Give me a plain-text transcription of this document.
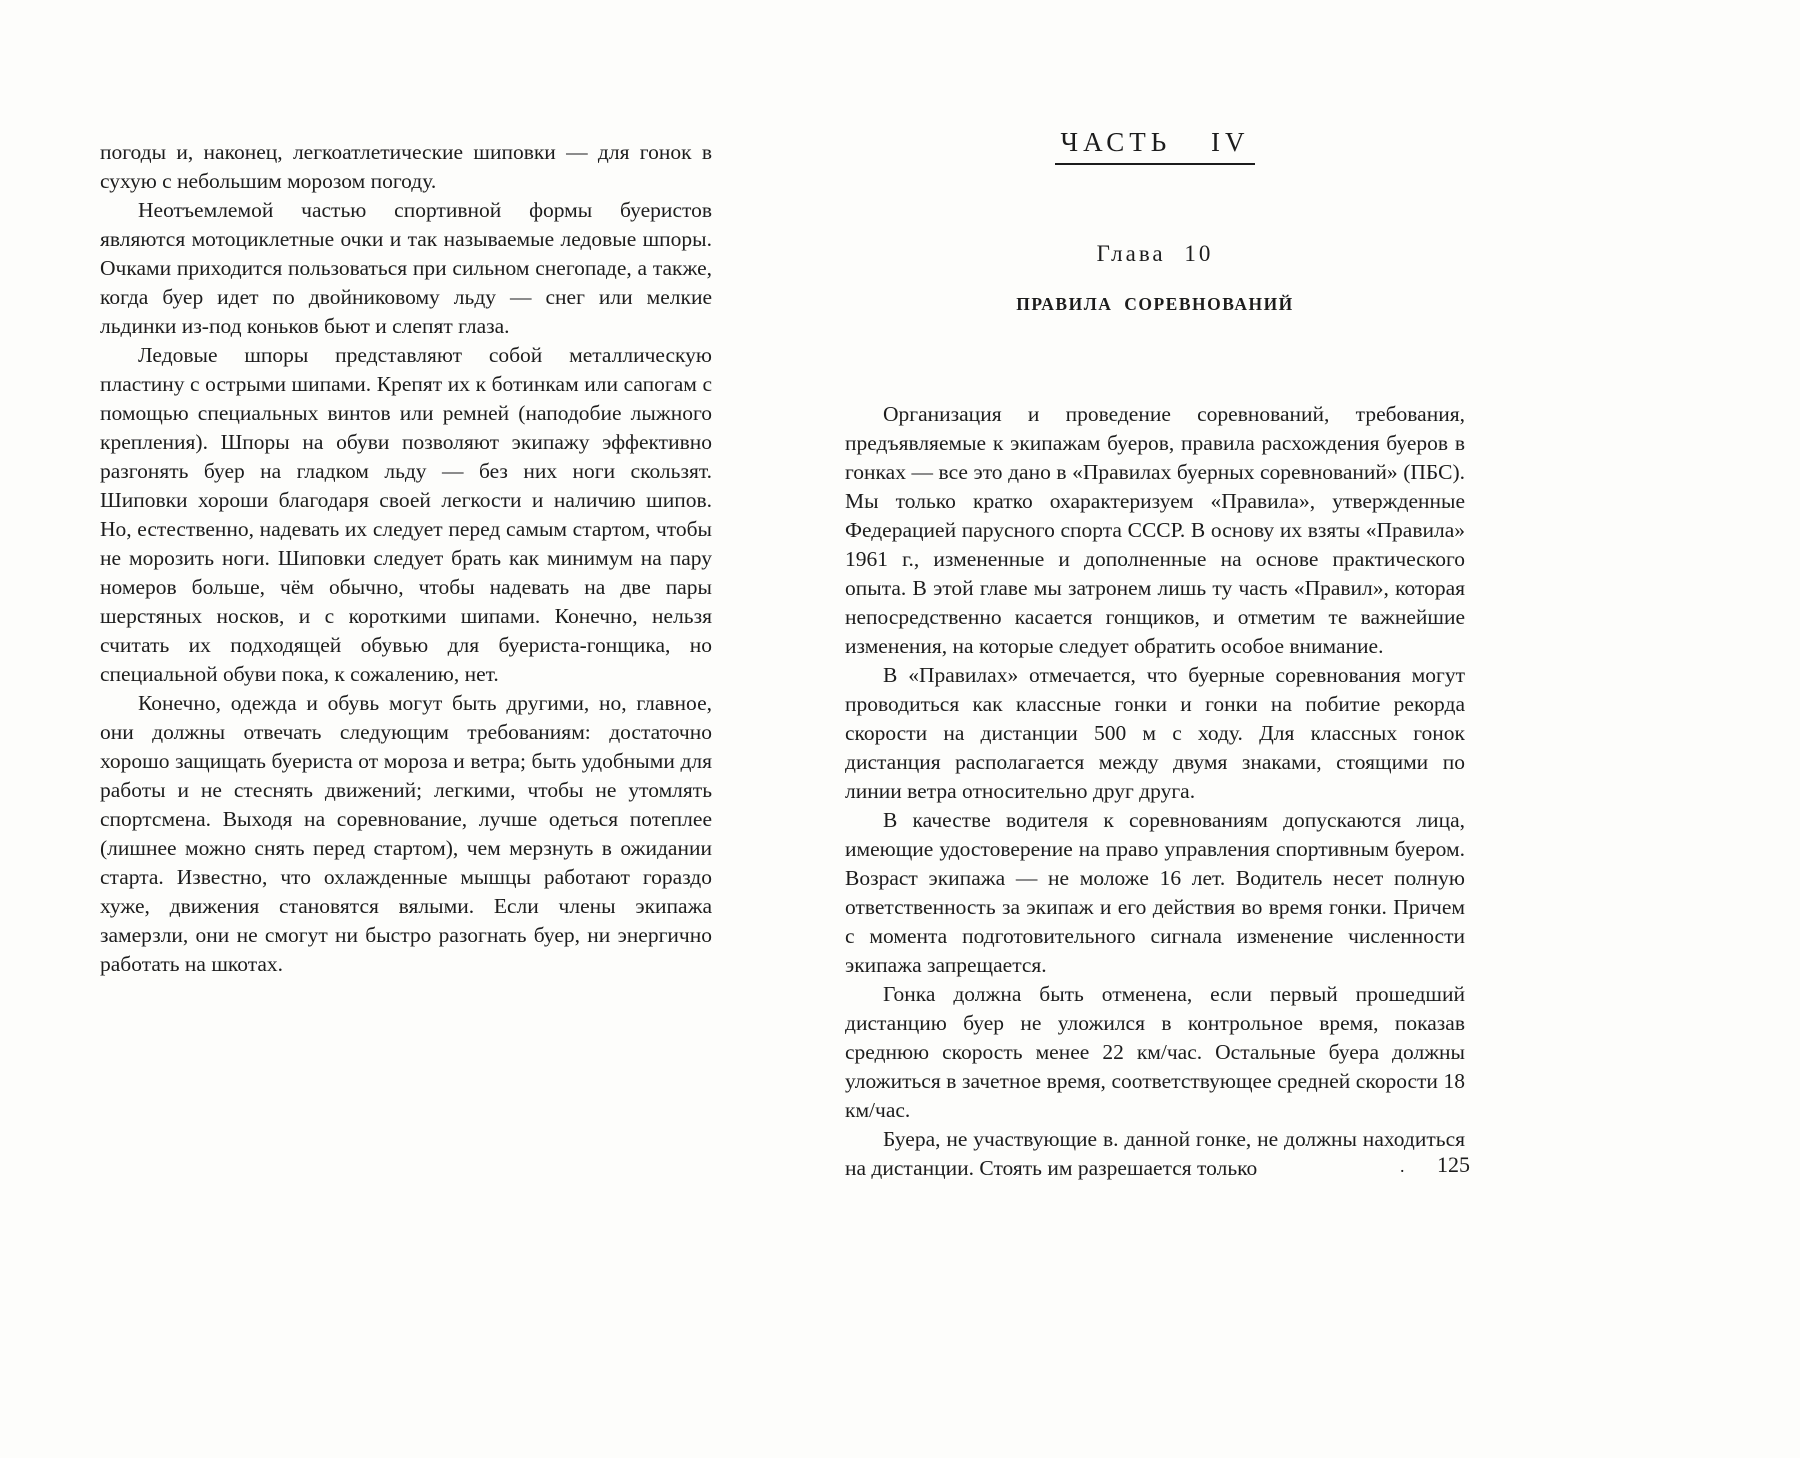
погоды и, наконец, легкоатлетические шиповки — для гонок в сухую с небольшим морозом погоду.

Неотъемлемой частью спортивной формы буеристов являются мотоциклетные очки и так называемые ледовые шпоры. Очками приходится пользоваться при сильном снегопаде, а также, когда буер идет по двойниковому льду — снег или мелкие льдинки из-под коньков бьют и слепят глаза.

Ледовые шпоры представляют собой металлическую пластину с острыми шипами. Крепят их к ботинкам или сапогам с помощью специальных винтов или ремней (наподобие лыжного крепления). Шпоры на обуви позволяют экипажу эффективно разгонять буер на гладком льду — без них ноги скользят. Шиповки хороши благодаря своей легкости и наличию шипов. Но, естественно, надевать их следует перед самым стартом, чтобы не морозить ноги. Шиповки следует брать как минимум на пару номеров больше, чём обычно, чтобы надевать на две пары шерстяных носков, и с короткими шипами. Конечно, нельзя считать их подходящей обувью для буериста-гонщика, но специальной обуви пока, к сожалению, нет.

Конечно, одежда и обувь могут быть другими, но, главное, они должны отвечать следующим требованиям: достаточно хорошо защищать буериста от мороза и ветра; быть удобными для работы и не стеснять движений; легкими, чтобы не утомлять спортсмена. Выходя на соревнование, лучше одеться потеплее (лишнее можно снять перед стартом), чем мерзнуть в ожидании старта. Известно, что охлажденные мышцы работают гораздо хуже, движения становятся вялыми. Если члены экипажа замерзли, они не смогут ни быстро разогнать буер, ни энергично работать на шкотах.

ЧАСТЬ IV
Глава 10
ПРАВИЛА СОРЕВНОВАНИЙ

Организация и проведение соревнований, требования, предъявляемые к экипажам буеров, правила расхождения буеров в гонках — все это дано в «Правилах буерных соревнований» (ПБС). Мы только кратко охарактеризуем «Правила», утвержденные Федерацией парусного спорта СССР. В основу их взяты «Правила» 1961 г., измененные и дополненные на основе практического опыта. В этой главе мы затронем лишь ту часть «Правил», которая непосредственно касается гонщиков, и отметим те важнейшие изменения, на которые следует обратить особое внимание.

В «Правилах» отмечается, что буерные соревнования могут проводиться как классные гонки и гонки на побитие рекорда скорости на дистанции 500 м с ходу. Для классных гонок дистанция располагается между двумя знаками, стоящими по линии ветра относительно друг друга.

В качестве водителя к соревнованиям допускаются лица, имеющие удостоверение на право управления спортивным буером. Возраст экипажа — не моложе 16 лет. Водитель несет полную ответственность за экипаж и его действия во время гонки. Причем с момента подготовительного сигнала изменение численности экипажа запрещается.

Гонка должна быть отменена, если первый прошедший дистанцию буер не уложился в контрольное время, показав среднюю скорость менее 22 км/час. Остальные буера должны уложиться в зачетное время, соответствующее средней скорости 18 км/час.

Буера, не участвующие в. данной гонке, не должны находиться на дистанции. Стоять им разрешается только	. 125
